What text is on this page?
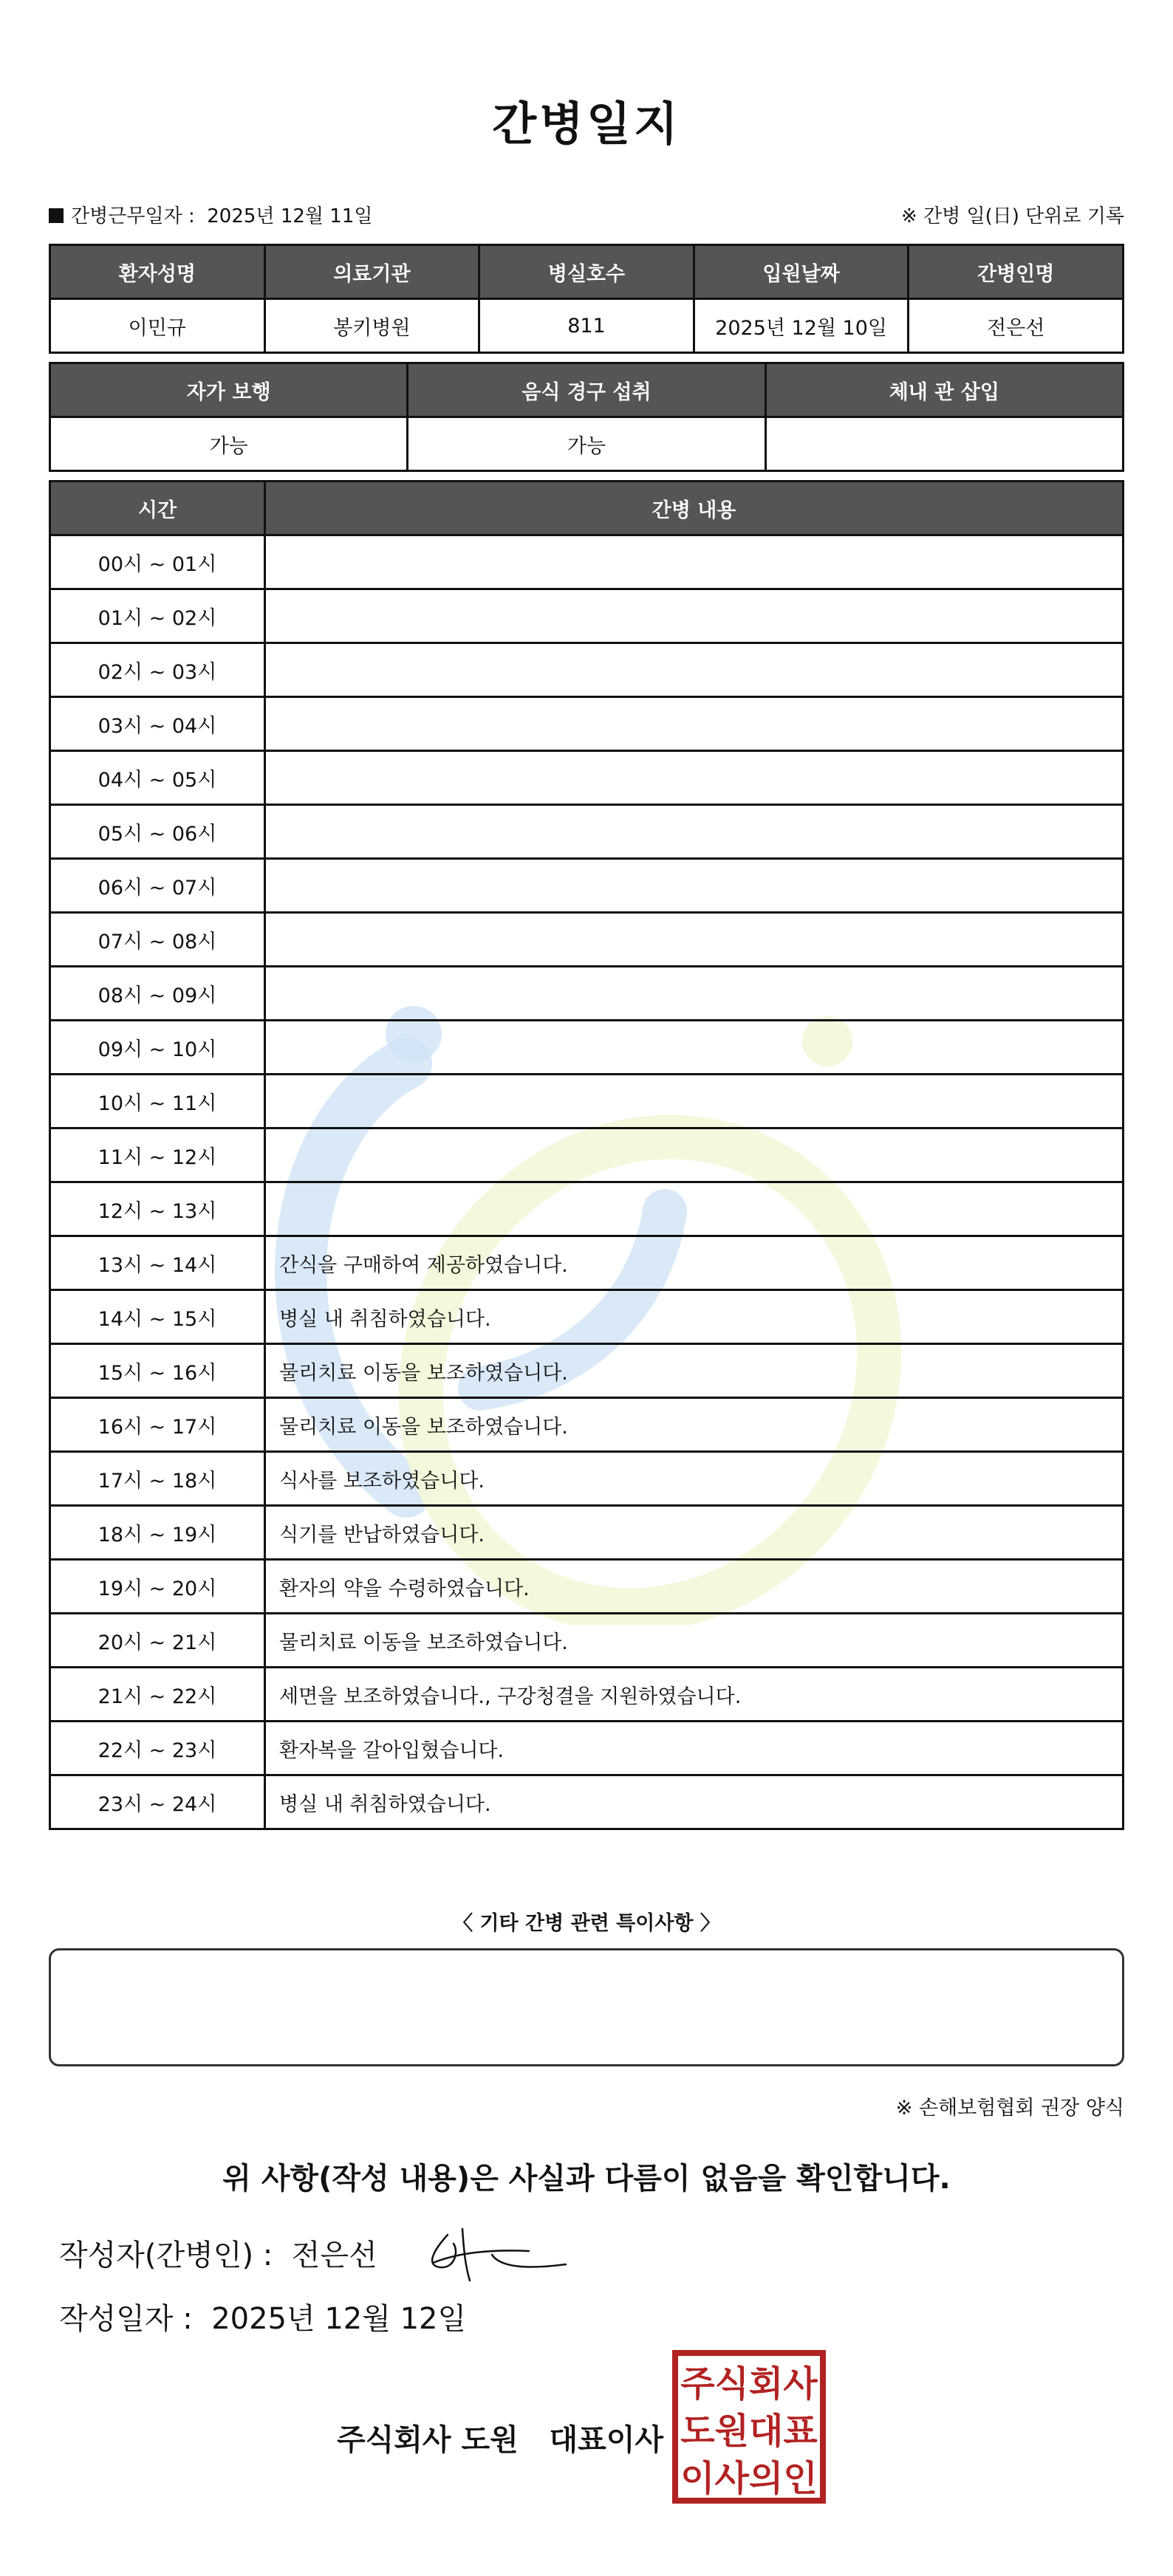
간병일지
간병근무일자 : 2025년 12월 11일	※ 간병 일(日) 단위로 기록
환자성명	의료기관	병실호수	입원날짜	간병인명
이민규	봉키병원	811	2025년 12월 10일	전은선
자가 보행	음식 경구 섭취	체내 관 삽입
가능	가능	
시간	간병 내용
00시 ~ 01시	
01시 ~ 02시	
02시 ~ 03시	
03시 ~ 04시	
04시 ~ 05시	
05시 ~ 06시	
06시 ~ 07시	
07시 ~ 08시	
08시 ~ 09시	
09시 ~ 10시	
10시 ~ 11시	
11시 ~ 12시	
12시 ~ 13시	
13시 ~ 14시	간식을 구매하여 제공하였습니다.
14시 ~ 15시	병실 내 취침하였습니다.
15시 ~ 16시	물리치료 이동을 보조하였습니다.
16시 ~ 17시	물리치료 이동을 보조하였습니다.
17시 ~ 18시	식사를 보조하였습니다.
18시 ~ 19시	식기를 반납하였습니다.
19시 ~ 20시	환자의 약을 수령하였습니다.
20시 ~ 21시	물리치료 이동을 보조하였습니다.
21시 ~ 22시	세면을 보조하였습니다., 구강청결을 지원하였습니다.
22시 ~ 23시	환자복을 갈아입혔습니다.
23시 ~ 24시	병실 내 취침하였습니다.
〈 기타 간병 관련 특이사항 〉
※ 손해보험협회 권장 양식
위 사항(작성 내용)은 사실과 다름이 없음을 확인합니다.
작성자(간병인) : 전은선
작성일자 : 2025년 12월 12일
주식회사 도원   대표이사
주식회사
도원대표
이사의인
